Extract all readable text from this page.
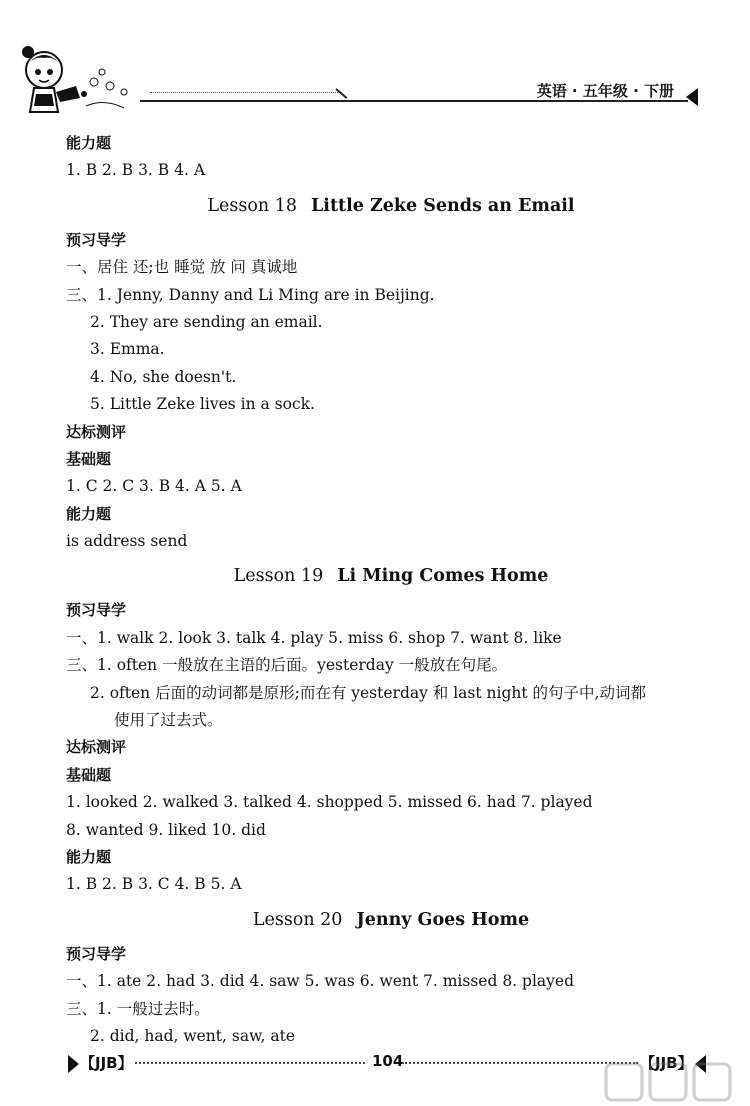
英语 · 五年级 · 下册
能力题
1. B 2. B 3. B 4. A
Lesson 18 Little Zeke Sends an Email
预习导学
一、居住 还;也 睡觉 放 问 真诚地
三、1. Jenny, Danny and Li Ming are in Beijing.
2. They are sending an email.
3. Emma.
4. No, she doesn't.
5. Little Zeke lives in a sock.
达标测评
基础题
1. C 2. C 3. B 4. A 5. A
能力题
is address send
Lesson 19 Li Ming Comes Home
预习导学
一、1. walk 2. look 3. talk 4. play 5. miss 6. shop 7. want 8. like
三、1. often 一般放在主语的后面。yesterday 一般放在句尾。
2. often 后面的动词都是原形;而在有 yesterday 和 last night 的句子中,动词都
使用了过去式。
达标测评
基础题
1. looked 2. walked 3. talked 4. shopped 5. missed 6. had 7. played
8. wanted 9. liked 10. did
能力题
1. B 2. B 3. C 4. B 5. A
Lesson 20 Jenny Goes Home
预习导学
一、1. ate 2. had 3. did 4. saw 5. was 6. went 7. missed 8. played
三、1. 一般过去时。
2. did, had, went, saw, ate
【JJB】	104	【JJB】
